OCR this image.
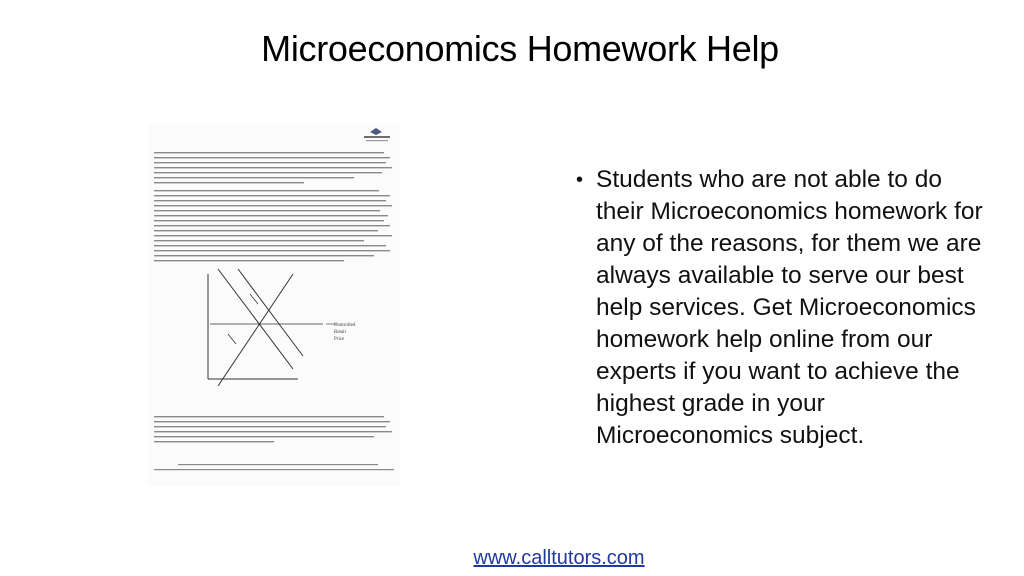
Microeconomics Homework Help
Controlled
Retail
Price
• Students who are not able to do their Microeconomics homework for any of the reasons, for them we are always available to serve our best help services. Get Microeconomics homework help online from our experts if you want to achieve the highest grade in your Microeconomics subject.
www.calltutors.com
